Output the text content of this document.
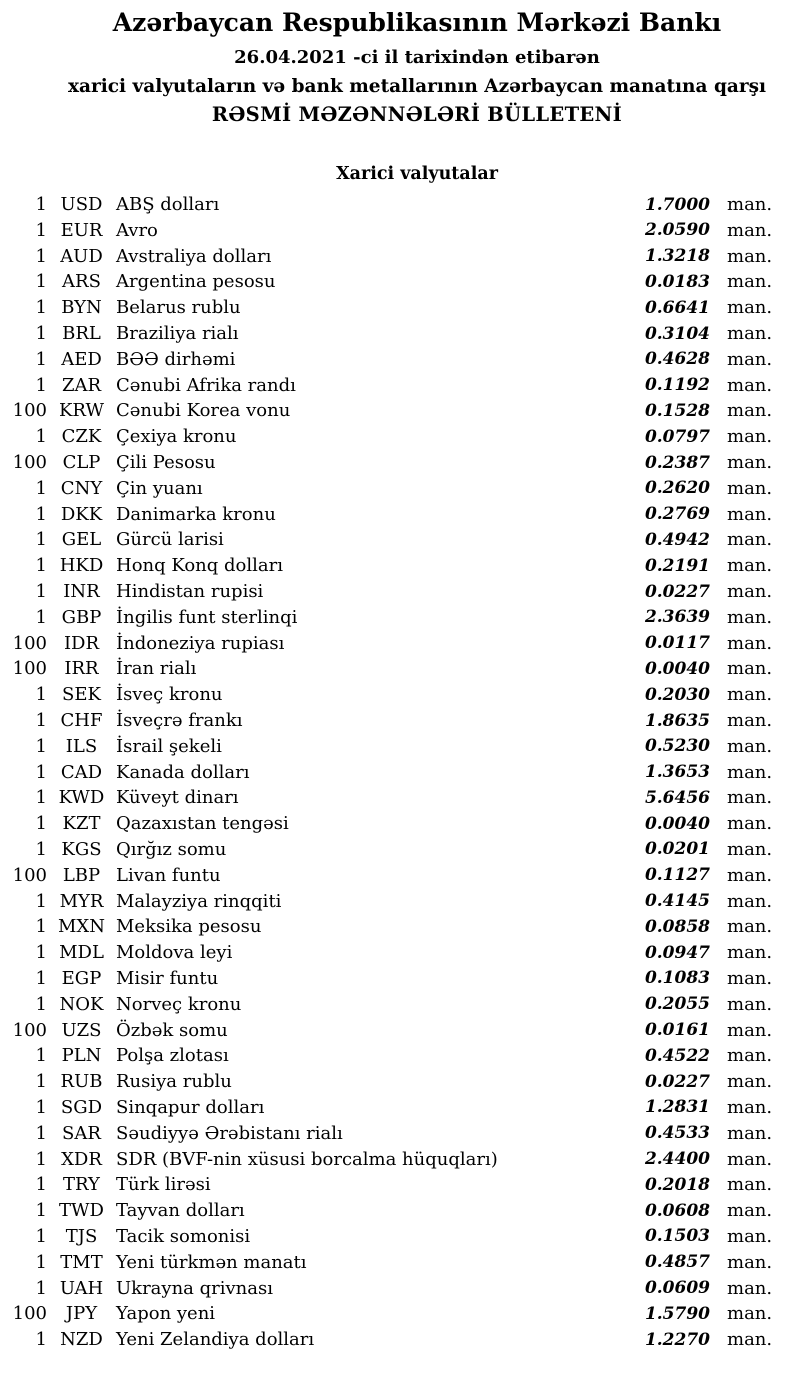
Azərbaycan Respublikasının Mərkəzi Bankı
26.04.2021 -ci il tarixindən etibarən
xarici valyutaların və bank metallarının Azərbaycan manatına qarşı
RƏSMİ MƏZƏNNƏLƏRİ BÜLLETENİ
Xarici valyutalar
1 USD ABŞ dolları	1.7000 man.
1 EUR Avro	2.0590 man.
1 AUD Avstraliya dolları	1.3218 man.
1 ARS Argentina pesosu	0.0183 man.
1 BYN Belarus rublu	0.6641 man.
1 BRL Braziliya rialı	0.3104 man.
1 AED BƏƏ dirhəmi	0.4628 man.
1 ZAR Cənubi Afrika randı	0.1192 man.
100 KRW Cənubi Korea vonu	0.1528 man.
1 CZK Çexiya kronu	0.0797 man.
100 CLP Çili Pesosu	0.2387 man.
1 CNY Çin yuanı	0.2620 man.
1 DKK Danimarka kronu	0.2769 man.
1 GEL Gürcü larisi	0.4942 man.
1 HKD Honq Konq dolları	0.2191 man.
1 INR Hindistan rupisi	0.0227 man.
1 GBP İngilis funt sterlinqi	2.3639 man.
100 IDR İndoneziya rupiası	0.0117 man.
100 IRR İran rialı	0.0040 man.
1 SEK İsveç kronu	0.2030 man.
1 CHF İsveçrə frankı	1.8635 man.
1	ILS	İsrail şekeli	0.5230 man.
1 CAD Kanada dolları	1.3653 man.
1 KWD Küveyt dinarı	5.6456 man.
1 KZT Qazaxıstan tengəsi	0.0040 man.
1 KGS Qırğız somu	0.0201 man.
100 LBP Livan funtu	0.1127 man.
1 MYR Malayziya rinqqiti	0.4145 man.
1 MXN Meksika pesosu	0.0858 man.
1 MDL Moldova leyi	0.0947 man.
1 EGP Misir funtu	0.1083 man.
1 NOK Norveç kronu	0.2055 man.
100 UZS Özbək somu	0.0161 man.
1 PLN Polşa zlotası	0.4522 man.
1 RUB Rusiya rublu	0.0227 man.
1 SGD Sinqapur dolları	1.2831 man.
1 SAR Səudiyyə Ərəbistanı rialı	0.4533 man.
1 XDR SDR (BVF-nin xüsusi borcalma hüquqları)	2.4400 man.
1 TRY Türk lirəsi	0.2018 man.
1 TWD Tayvan dolları	0.0608 man.
1	TJS	Tacik somonisi	0.1503 man.
1 TMT Yeni türkmən manatı	0.4857 man.
1 UAH Ukrayna qrivnası	0.0609 man.
100	JPY	Yapon yeni	1.5790 man.
1 NZD Yeni Zelandiya dolları	1.2270 man.
